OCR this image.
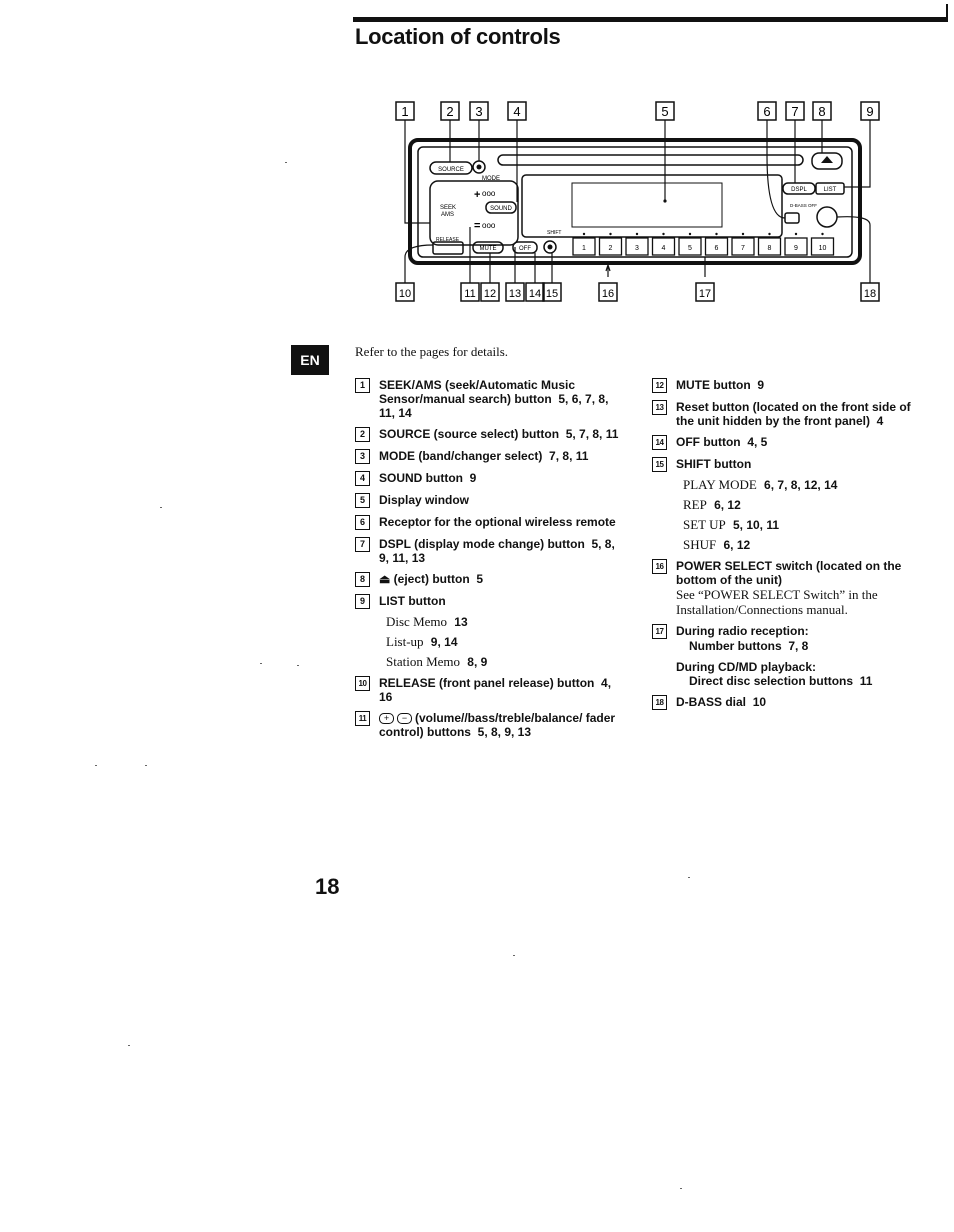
Location of controls
1	2 3 4	5	6 7 8	9
10	11 12 13 14 15	16	17	18
SOURCE
MODE
SEEK
AMS
+ ooo
= ooo
SOUND
RELEASE
MUTE	OFF
SHIFT
1	2	3	4	5	6	7	8	9	10
DSPL	LIST
D-BASS OFF
EN
Refer to the pages for details.
1	SEEK/AMS (seek/Automatic Music Sensor/manual search) button 5, 6, 7, 8, 11, 14
2	SOURCE (source select) button 5, 7, 8, 11
3	MODE (band/changer select) 7, 8, 11
4	SOUND button 9
5	Display window
6	Receptor for the optional wireless remote
7	DSPL (display mode change) button 5, 8, 9, 11, 13
8	⏏ (eject) button 5
9	LIST button
Disc Memo 13
List-up 9, 14
Station Memo 8, 9
10 RELEASE (front panel release) button 4, 16
11	+	− (volume//bass/treble/balance/ fader control) buttons 5, 8, 9, 13
12 MUTE button 9
13 Reset button (located on the front side of the unit hidden by the front panel) 4
14 OFF button 4, 5
15 SHIFT button
PLAY MODE 6, 7, 8, 12, 14
REP 6, 12
SET UP 5, 10, 11
SHUF 6, 12
16 POWER SELECT switch (located on the bottom of the unit)
See “POWER SELECT Switch” in the Installation/Connections manual.
17 During radio reception:
Number buttons 7, 8
During CD/MD playback:
Direct disc selection buttons 11
18 D-BASS dial 10
18
